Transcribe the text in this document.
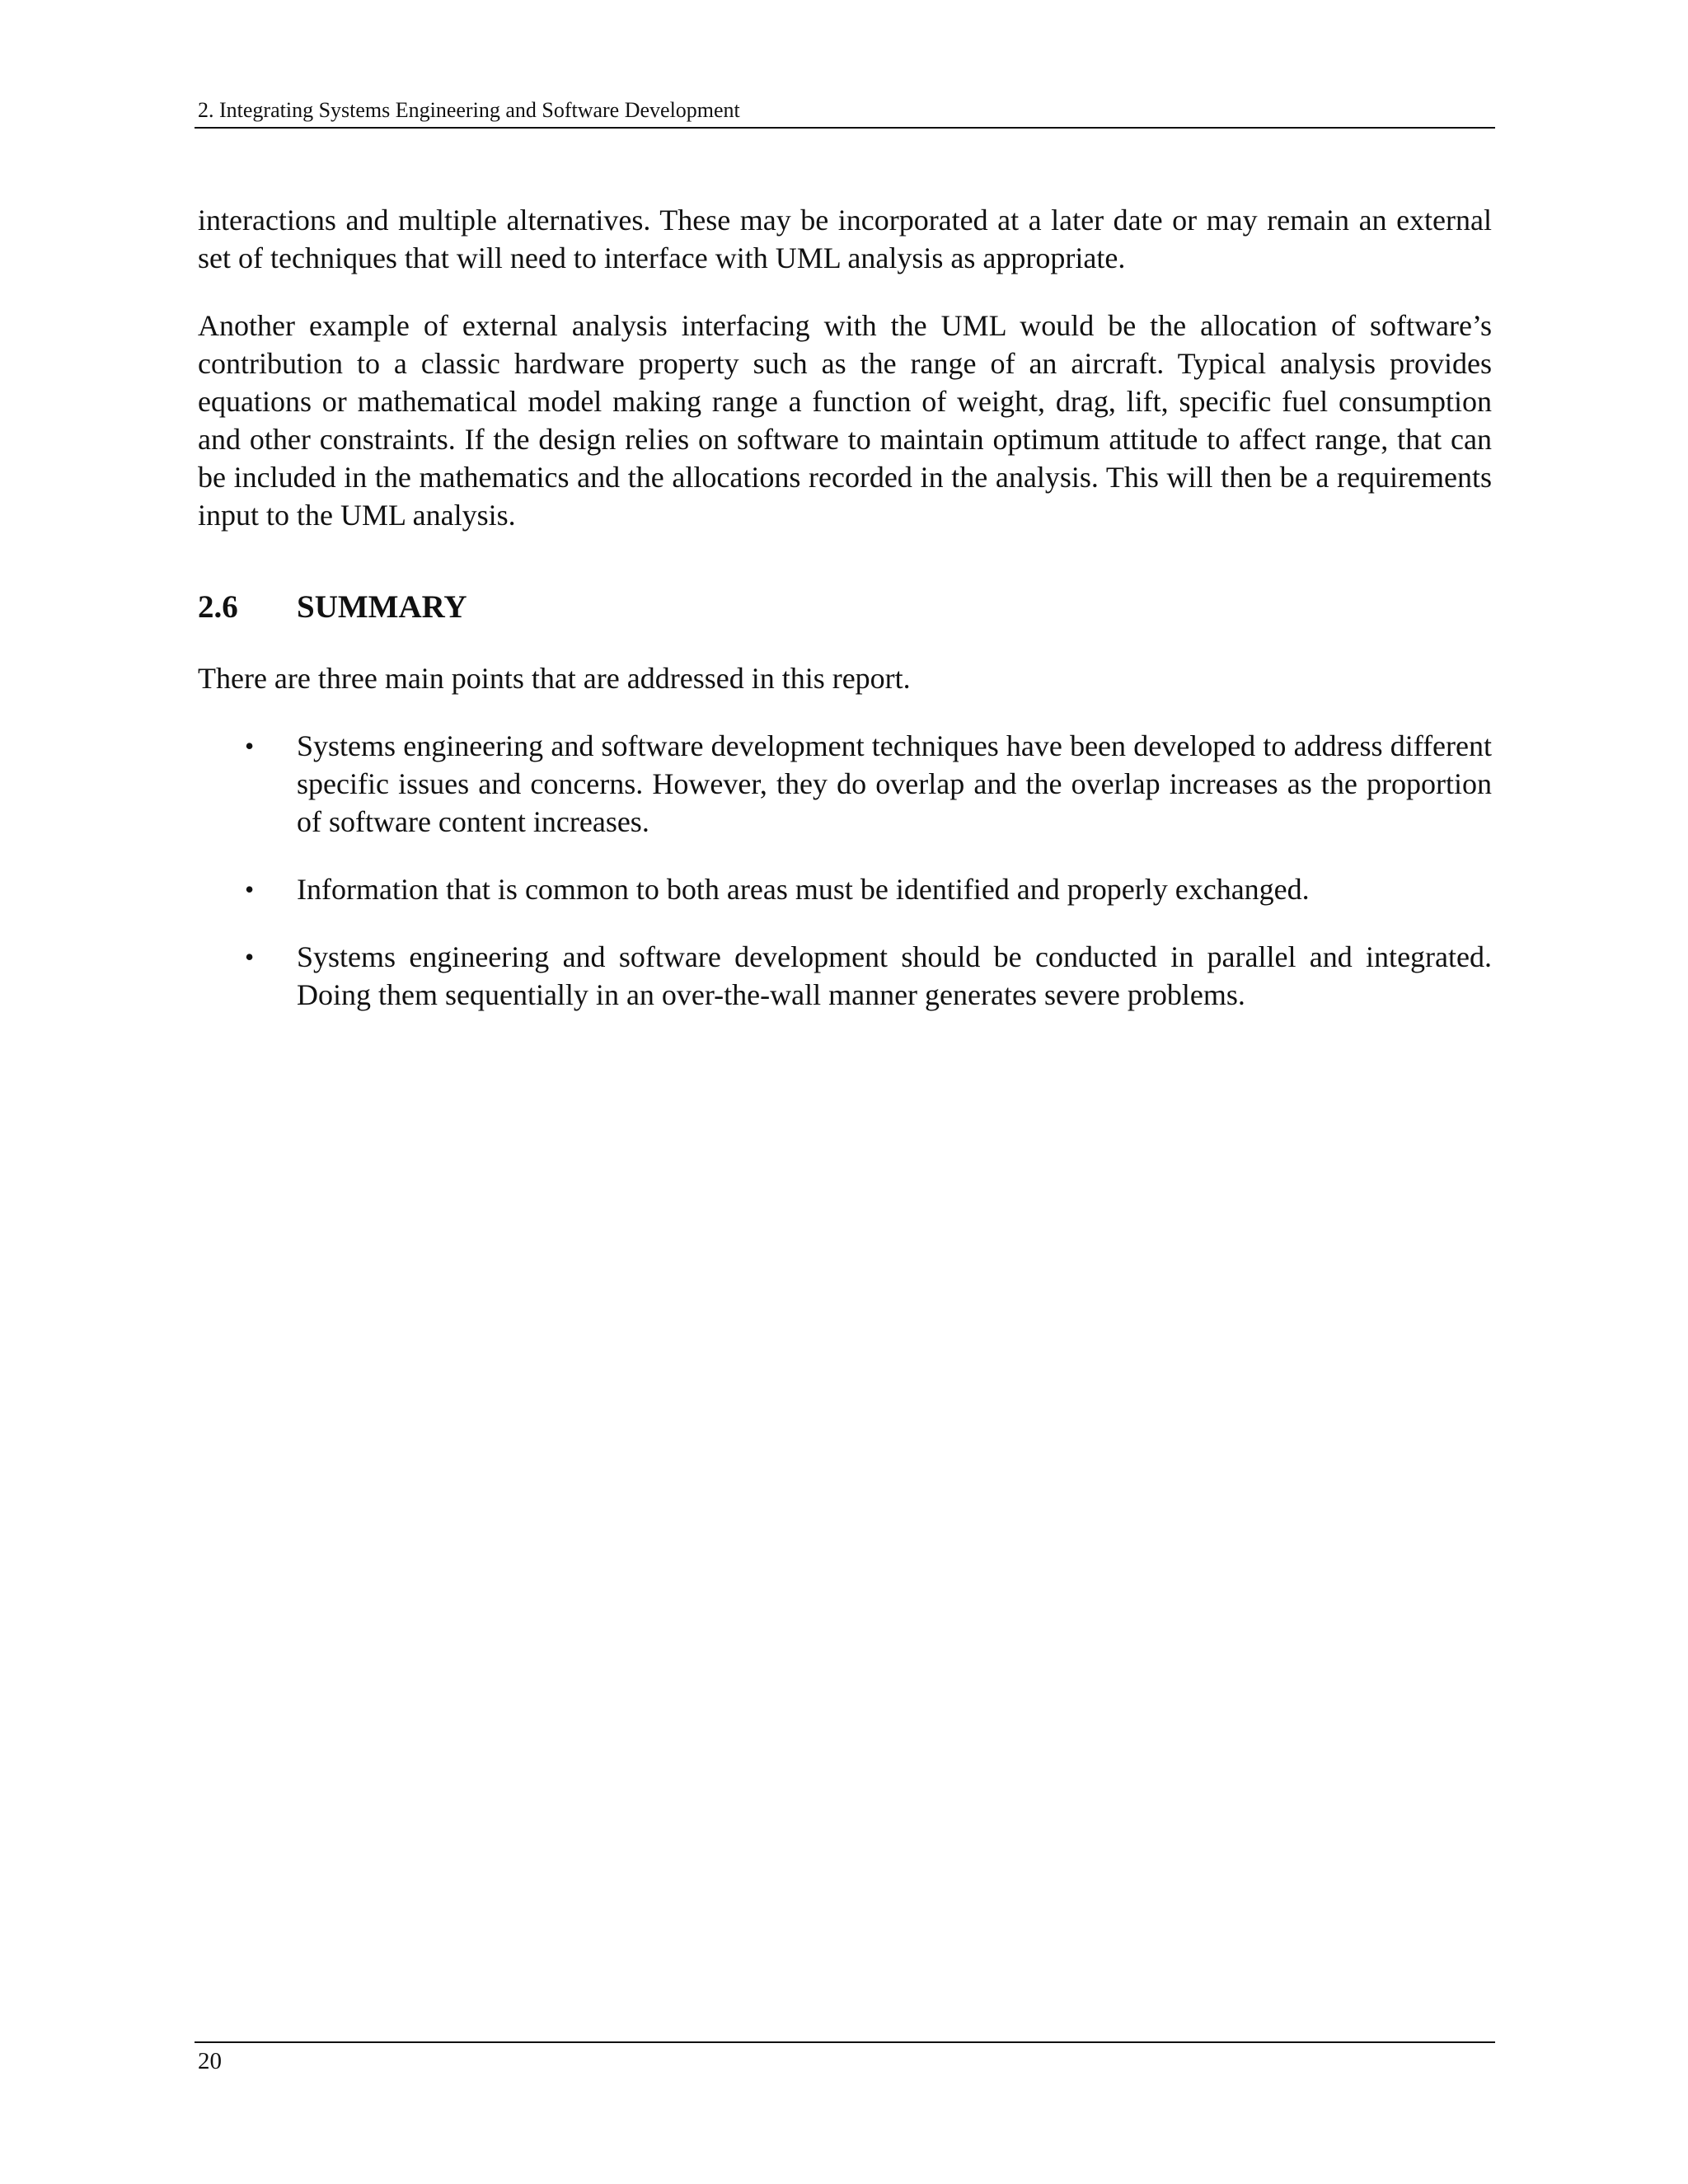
2. Integrating Systems Engineering and Software Development

interactions and multiple alternatives. These may be incorporated at a later date or may remain an external set of techniques that will need to interface with UML analysis as appropriate.

Another example of external analysis interfacing with the UML would be the allocation of software’s contribution to a classic hardware property such as the range of an aircraft. Typical analysis provides equations or mathematical model making range a function of weight, drag, lift, specific fuel consumption and other constraints. If the design relies on software to maintain optimum attitude to affect range, that can be included in the mathematics and the allocations recorded in the analysis. This will then be a requirements input to the UML analysis.

2.6 SUMMARY

There are three main points that are addressed in this report.

• Systems engineering and software development techniques have been developed to address different specific issues and concerns. However, they do overlap and the overlap increases as the proportion of software content increases.
• Information that is common to both areas must be identified and properly exchanged.
• Systems engineering and software development should be conducted in parallel and integrated. Doing them sequentially in an over-the-wall manner generates severe problems.
20
